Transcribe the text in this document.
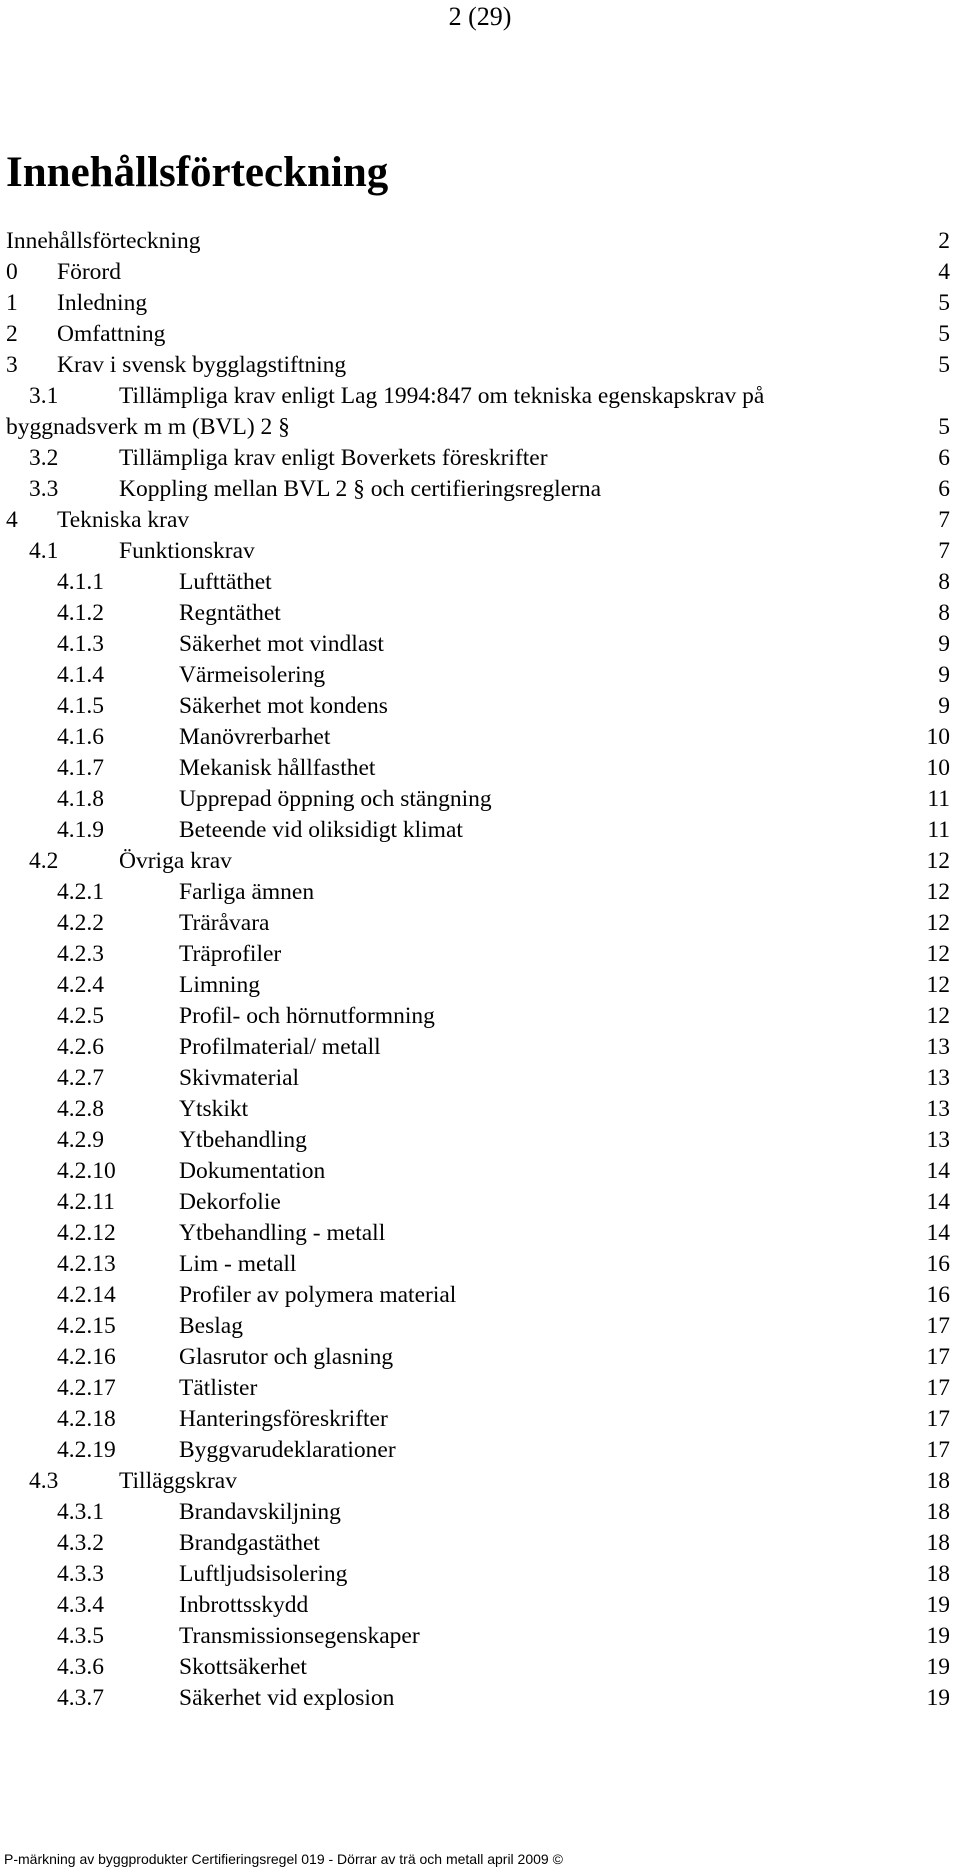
2 (29)
Innehållsförteckning
Innehållsförteckning	2
0 Förord	4
1 Inledning	5
2 Omfattning	5
3 Krav i svensk bygglagstiftning	5
3.1	Tillämpliga krav enligt Lag 1994:847 om tekniska egenskapskrav på byggnadsverk m m (BVL) 2 §	5
3.2	Tillämpliga krav enligt Boverkets föreskrifter	6
3.3	Koppling mellan BVL 2 § och certifieringsreglerna	6
4 Tekniska krav	7
4.1	Funktionskrav	7
4.1.1	Lufttäthet	8
4.1.2	Regntäthet	8
4.1.3	Säkerhet mot vindlast	9
4.1.4	Värmeisolering	9
4.1.5	Säkerhet mot kondens	9
4.1.6	Manövrerbarhet	10
4.1.7	Mekanisk hållfasthet	10
4.1.8	Upprepad öppning och stängning	11
4.1.9	Beteende vid oliksidigt klimat	11
4.2	Övriga krav	12
4.2.1	Farliga ämnen	12
4.2.2	Träråvara	12
4.2.3	Träprofiler	12
4.2.4	Limning	12
4.2.5	Profil- och hörnutformning	12
4.2.6	Profilmaterial/ metall	13
4.2.7	Skivmaterial	13
4.2.8	Ytskikt	13
4.2.9	Ytbehandling	13
4.2.10	Dokumentation	14
4.2.11	Dekorfolie	14
4.2.12	Ytbehandling - metall	14
4.2.13	Lim - metall	16
4.2.14	Profiler av polymera material	16
4.2.15	Beslag	17
4.2.16	Glasrutor och glasning	17
4.2.17	Tätlister	17
4.2.18	Hanteringsföreskrifter	17
4.2.19	Byggvarudeklarationer	17
4.3	Tilläggskrav	18
4.3.1	Brandavskiljning	18
4.3.2	Brandgastäthet	18
4.3.3	Luftljudsisolering	18
4.3.4	Inbrottsskydd	19
4.3.5	Transmissionsegenskaper	19
4.3.6	Skottsäkerhet	19
4.3.7	Säkerhet vid explosion	19
P-märkning av byggprodukter Certifieringsregel 019 - Dörrar av trä och metall april 2009 ©
